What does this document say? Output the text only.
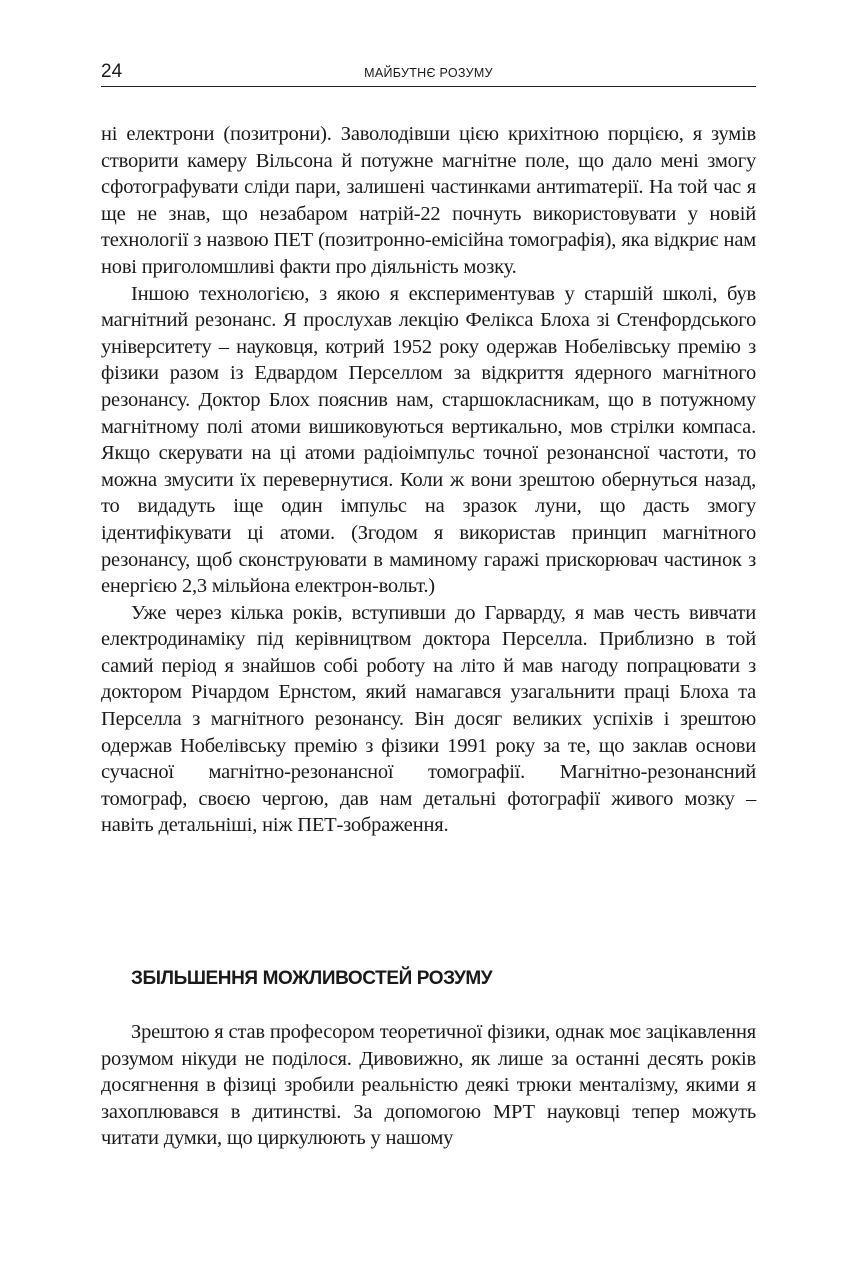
24	МАЙБУТНЄ РОЗУМУ

ні електрони (позитрони). Заволодівши цією крихітною порцією, я зумів створити камеру Вільсона й потужне магнітне поле, що дало мені змогу сфотографувати сліди пари, залишені частинками антиmатерії. На той час я ще не знав, що незабаром натрій-22 почнуть використовувати у новій технології з назвою ПЕТ (позитронно-емісійна томографія), яка відкриє нам нові приголомшливі факти про діяльність мозку.

Іншою технологією, з якою я експериментував у старшій школі, був магнітний резонанс. Я прослухав лекцію Фелікса Блоха зі Стенфордського університету – науковця, котрий 1952 року одержав Нобелівську премію з фізики разом із Едвардом Перселлом за відкриття ядерного магнітного резонансу. Доктор Блох пояснив нам, старшокласникам, що в потужному магнітному полі атоми вишиковуються вертикально, мов стрілки компаса. Якщо скерувати на ці атоми радіоімпульс точної резонансної частоти, то можна змусити їх перевернутися. Коли ж вони зрештою обернуться назад, то видадуть іще один імпульс на зразок луни, що дасть змогу ідентифікувати ці атоми. (Згодом я використав принцип магнітного резонансу, щоб сконструювати в маминому гаражі прискорювач частинок з енергією 2,3 мільйона електрон-вольт.)

Уже через кілька років, вступивши до Гарварду, я мав честь вивчати електродинаміку під керівництвом доктора Перселла. Приблизно в той самий період я знайшов собі роботу на літо й мав нагоду попрацювати з доктором Річардом Ернстом, який намагався узагальнити праці Блоха та Перселла з магнітного резонансу. Він досяг великих успіхів і зрештою одержав Нобелівську премію з фізики 1991 року за те, що заклав основи сучасної магнітно-резонансної томографії. Магнітно-резонансний томограф, своєю чергою, дав нам детальні фотографії живого мозку – навіть детальніші, ніж ПЕТ-зображення.

ЗБІЛЬШЕННЯ МОЖЛИВОСТЕЙ РОЗУМУ

Зрештою я став професором теоретичної фізики, однак моє зацікавлення розумом нікуди не поділося. Дивовижно, як лише за останні десять років досягнення в фізиці зробили реальністю деякі трюки менталізму, якими я захоплювався в дитинстві. За допомогою МРТ науковці тепер можуть читати думки, що циркулюють у нашому
